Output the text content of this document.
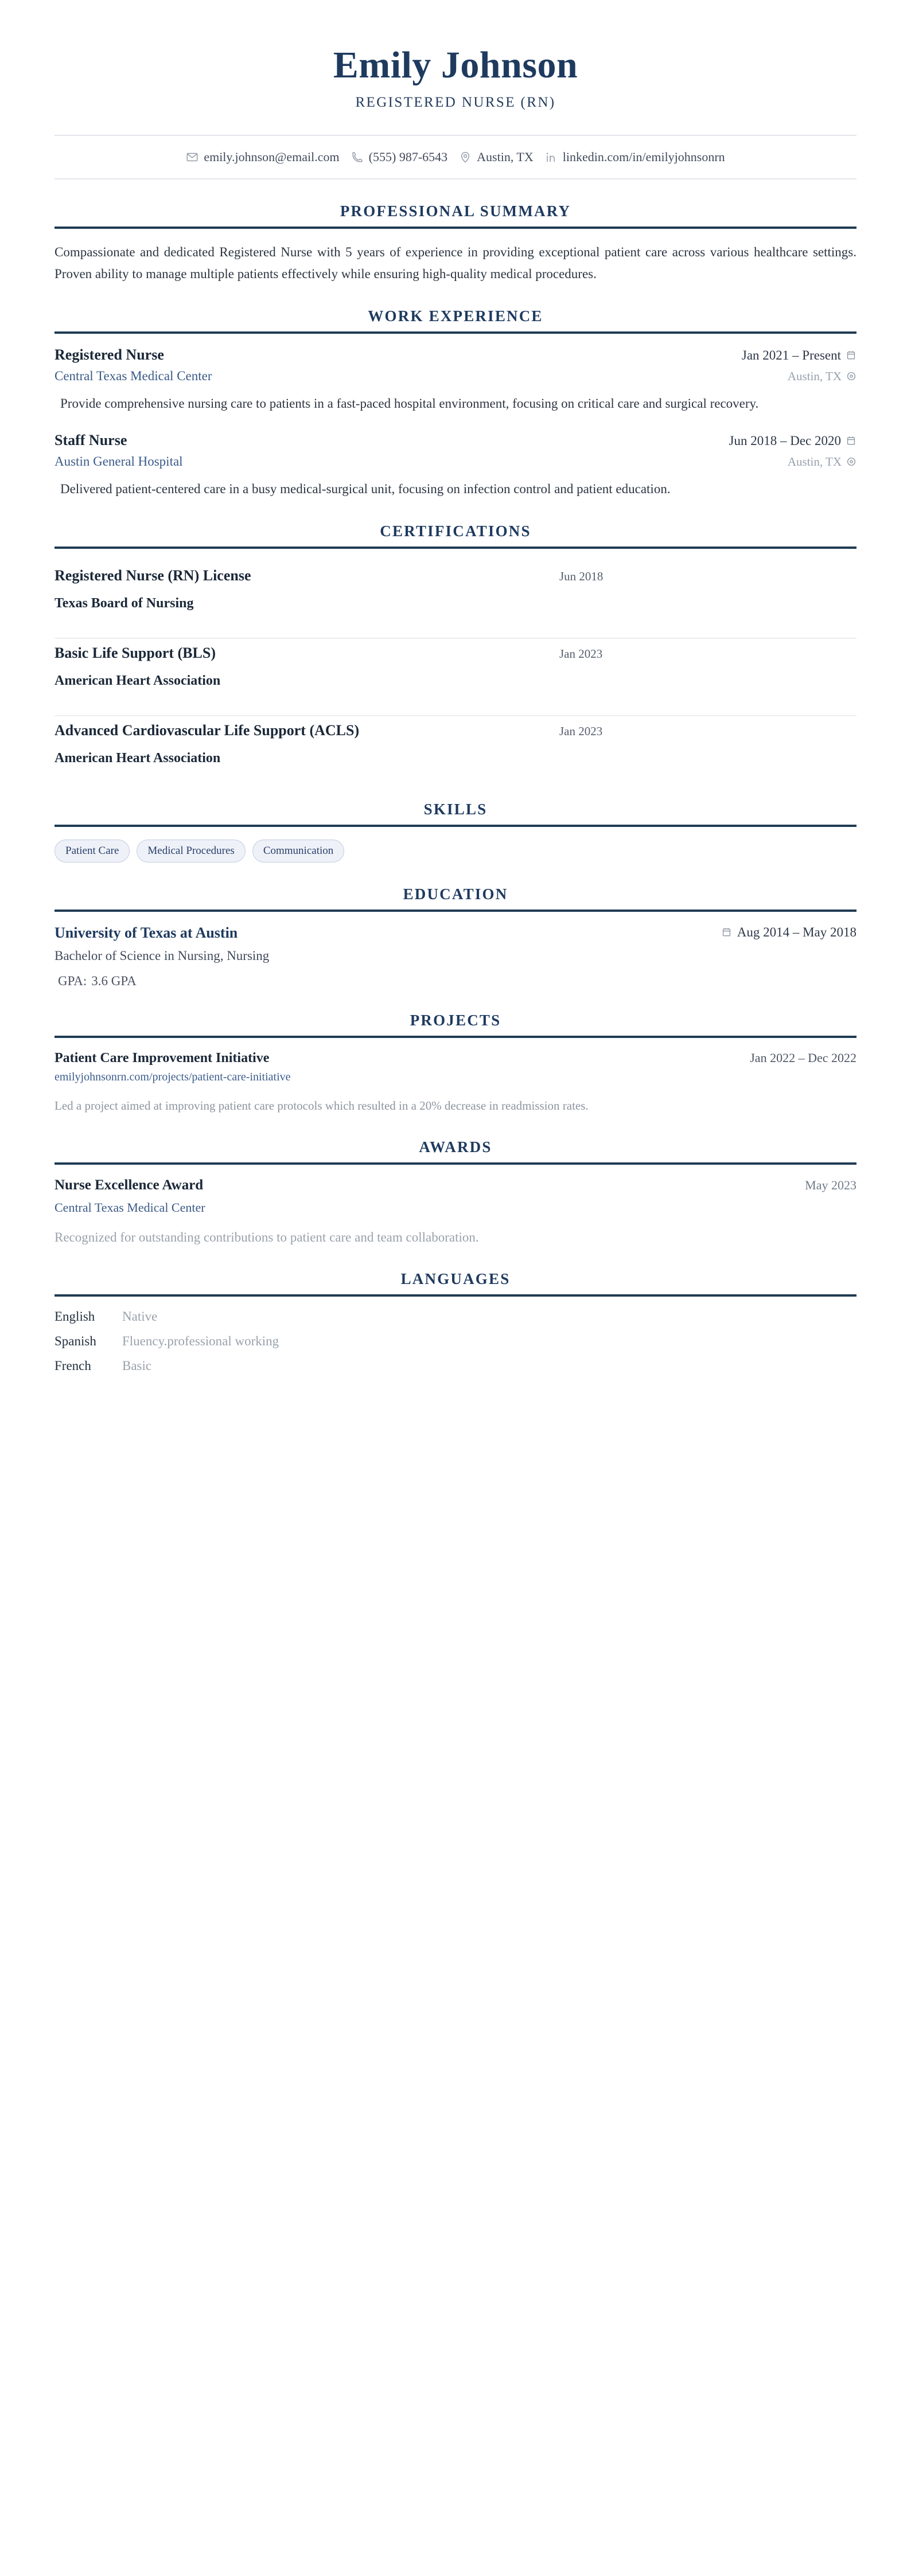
Emily Johnson
REGISTERED NURSE (RN)
emily.johnson@email.com (555) 987-6543 Austin, TX linkedin.com/in/emilyjohnsonrn
PROFESSIONAL SUMMARY

Compassionate and dedicated Registered Nurse with 5 years of experience in providing exceptional patient care across various healthcare settings. Proven ability to manage multiple patients effectively while ensuring high-quality medical procedures.

WORK EXPERIENCE
Registered Nurse	Jan 2021 – Present
Central Texas Medical Center	Austin, TX
Provide comprehensive nursing care to patients in a fast-paced hospital environment, focusing on critical care and surgical recovery.
Staff Nurse	Jun 2018 – Dec 2020
Austin General Hospital	Austin, TX
Delivered patient-centered care in a busy medical-surgical unit, focusing on infection control and patient education.
CERTIFICATIONS
Registered Nurse (RN) License	Jun 2018
Texas Board of Nursing
Basic Life Support (BLS)	Jan 2023
American Heart Association
Advanced Cardiovascular Life Support (ACLS)	Jan 2023
American Heart Association
SKILLS
Patient Care	Medical Procedures	Communication
EDUCATION
University of Texas at Austin	Aug 2014 – May 2018
Bachelor of Science in Nursing, Nursing
GPA: 3.6 GPA
PROJECTS
Patient Care Improvement Initiative	Jan 2022 – Dec 2022
emilyjohnsonrn.com/projects/patient-care-initiative
Led a project aimed at improving patient care protocols which resulted in a 20% decrease in readmission rates.
AWARDS
Nurse Excellence Award	May 2023
Central Texas Medical Center
Recognized for outstanding contributions to patient care and team collaboration.
LANGUAGES
English	Native
Spanish	Fluency.professional working
French	Basic
